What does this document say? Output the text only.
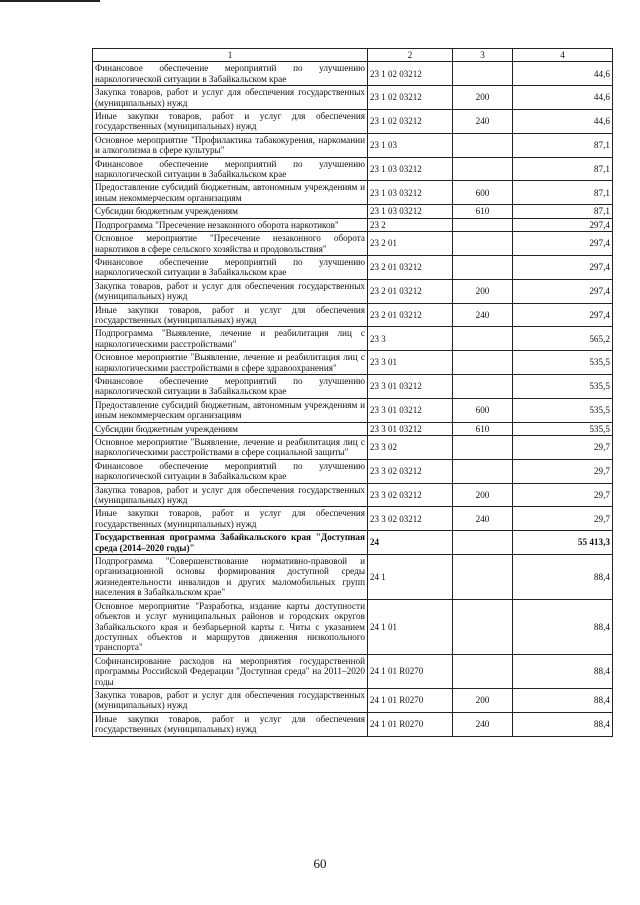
1	2	3	4
Финансовое обеспечение мероприятий по улучшению наркологической ситуации в Забайкальском крае	23 1 02 03212		44,6
Закупка товаров, работ и услуг для обеспечения государственных (муниципальных) нужд	23 1 02 03212	200	44,6
Иные закупки товаров, работ и услуг для обеспечения государственных (муниципальных) нужд	23 1 02 03212	240	44,6
Основное мероприятие "Профилактика табакокурения, наркомании и алкоголизма в сфере культуры"	23 1 03		87,1
Финансовое обеспечение мероприятий по улучшению наркологической ситуации в Забайкальском крае	23 1 03 03212		87,1
Предоставление субсидий бюджетным, автономным учреждениям и иным некоммерческим организациям	23 1 03 03212	600	87,1
Субсидии бюджетным учреждениям	23 1 03 03212	610	87,1
Подпрограмма "Пресечение незаконного оборота наркотиков"	23 2		297,4
Основное мероприятие "Пресечение незаконного оборота наркотиков в сфере сельского хозяйства и продовольствия"	23 2 01		297,4
Финансовое обеспечение мероприятий по улучшению наркологической ситуации в Забайкальском крае	23 2 01 03212		297,4
Закупка товаров, работ и услуг для обеспечения государственных (муниципальных) нужд	23 2 01 03212	200	297,4
Иные закупки товаров, работ и услуг для обеспечения государственных (муниципальных) нужд	23 2 01 03212	240	297,4
Подпрограмма "Выявление, лечение и реабилитация лиц с наркологическими расстройствами"	23 3		565,2
Основное мероприятие "Выявление, лечение и реабилитация лиц с наркологическими расстройствами в сфере здравоохранения"	23 3 01		535,5
Финансовое обеспечение мероприятий по улучшению наркологической ситуации в Забайкальском крае	23 3 01 03212		535,5
Предоставление субсидий бюджетным, автономным учреждениям и иным некоммерческим организациям	23 3 01 03212	600	535,5
Субсидии бюджетным учреждениям	23 3 01 03212	610	535,5
Основное мероприятие "Выявление, лечение и реабилитация лиц с наркологическими расстройствами в сфере социальной защиты"	23 3 02		29,7
Финансовое обеспечение мероприятий по улучшению наркологической ситуации в Забайкальском крае	23 3 02 03212		29,7
Закупка товаров, работ и услуг для обеспечения государственных (муниципальных) нужд	23 3 02 03212	200	29,7
Иные закупки товаров, работ и услуг для обеспечения государственных (муниципальных) нужд	23 3 02 03212	240	29,7
Государственная программа Забайкальского края "Доступная среда (2014–2020 годы)"	24		55 413,3
Подпрограмма "Совершенствование нормативно-правовой и организационной основы формирования доступной среды жизнедеятельности инвалидов и других маломобильных групп населения в Забайкальском крае"	24 1		88,4
Основное мероприятие "Разработка, издание карты доступности объектов и услуг муниципальных районов и городских округов Забайкальского края и безбарьерной карты г. Читы с указанием доступных объектов и маршрутов движения низкопольного транспорта"	24 1 01		88,4
Софинансирование расходов на мероприятия государственной программы Российской Федерации "Доступная среда" на 2011–2020 годы	24 1 01 R0270		88,4
Закупка товаров, работ и услуг для обеспечения государственных (муниципальных) нужд	24 1 01 R0270	200	88,4
Иные закупки товаров, работ и услуг для обеспечения государственных (муниципальных) нужд	24 1 01 R0270	240	88,4
60
